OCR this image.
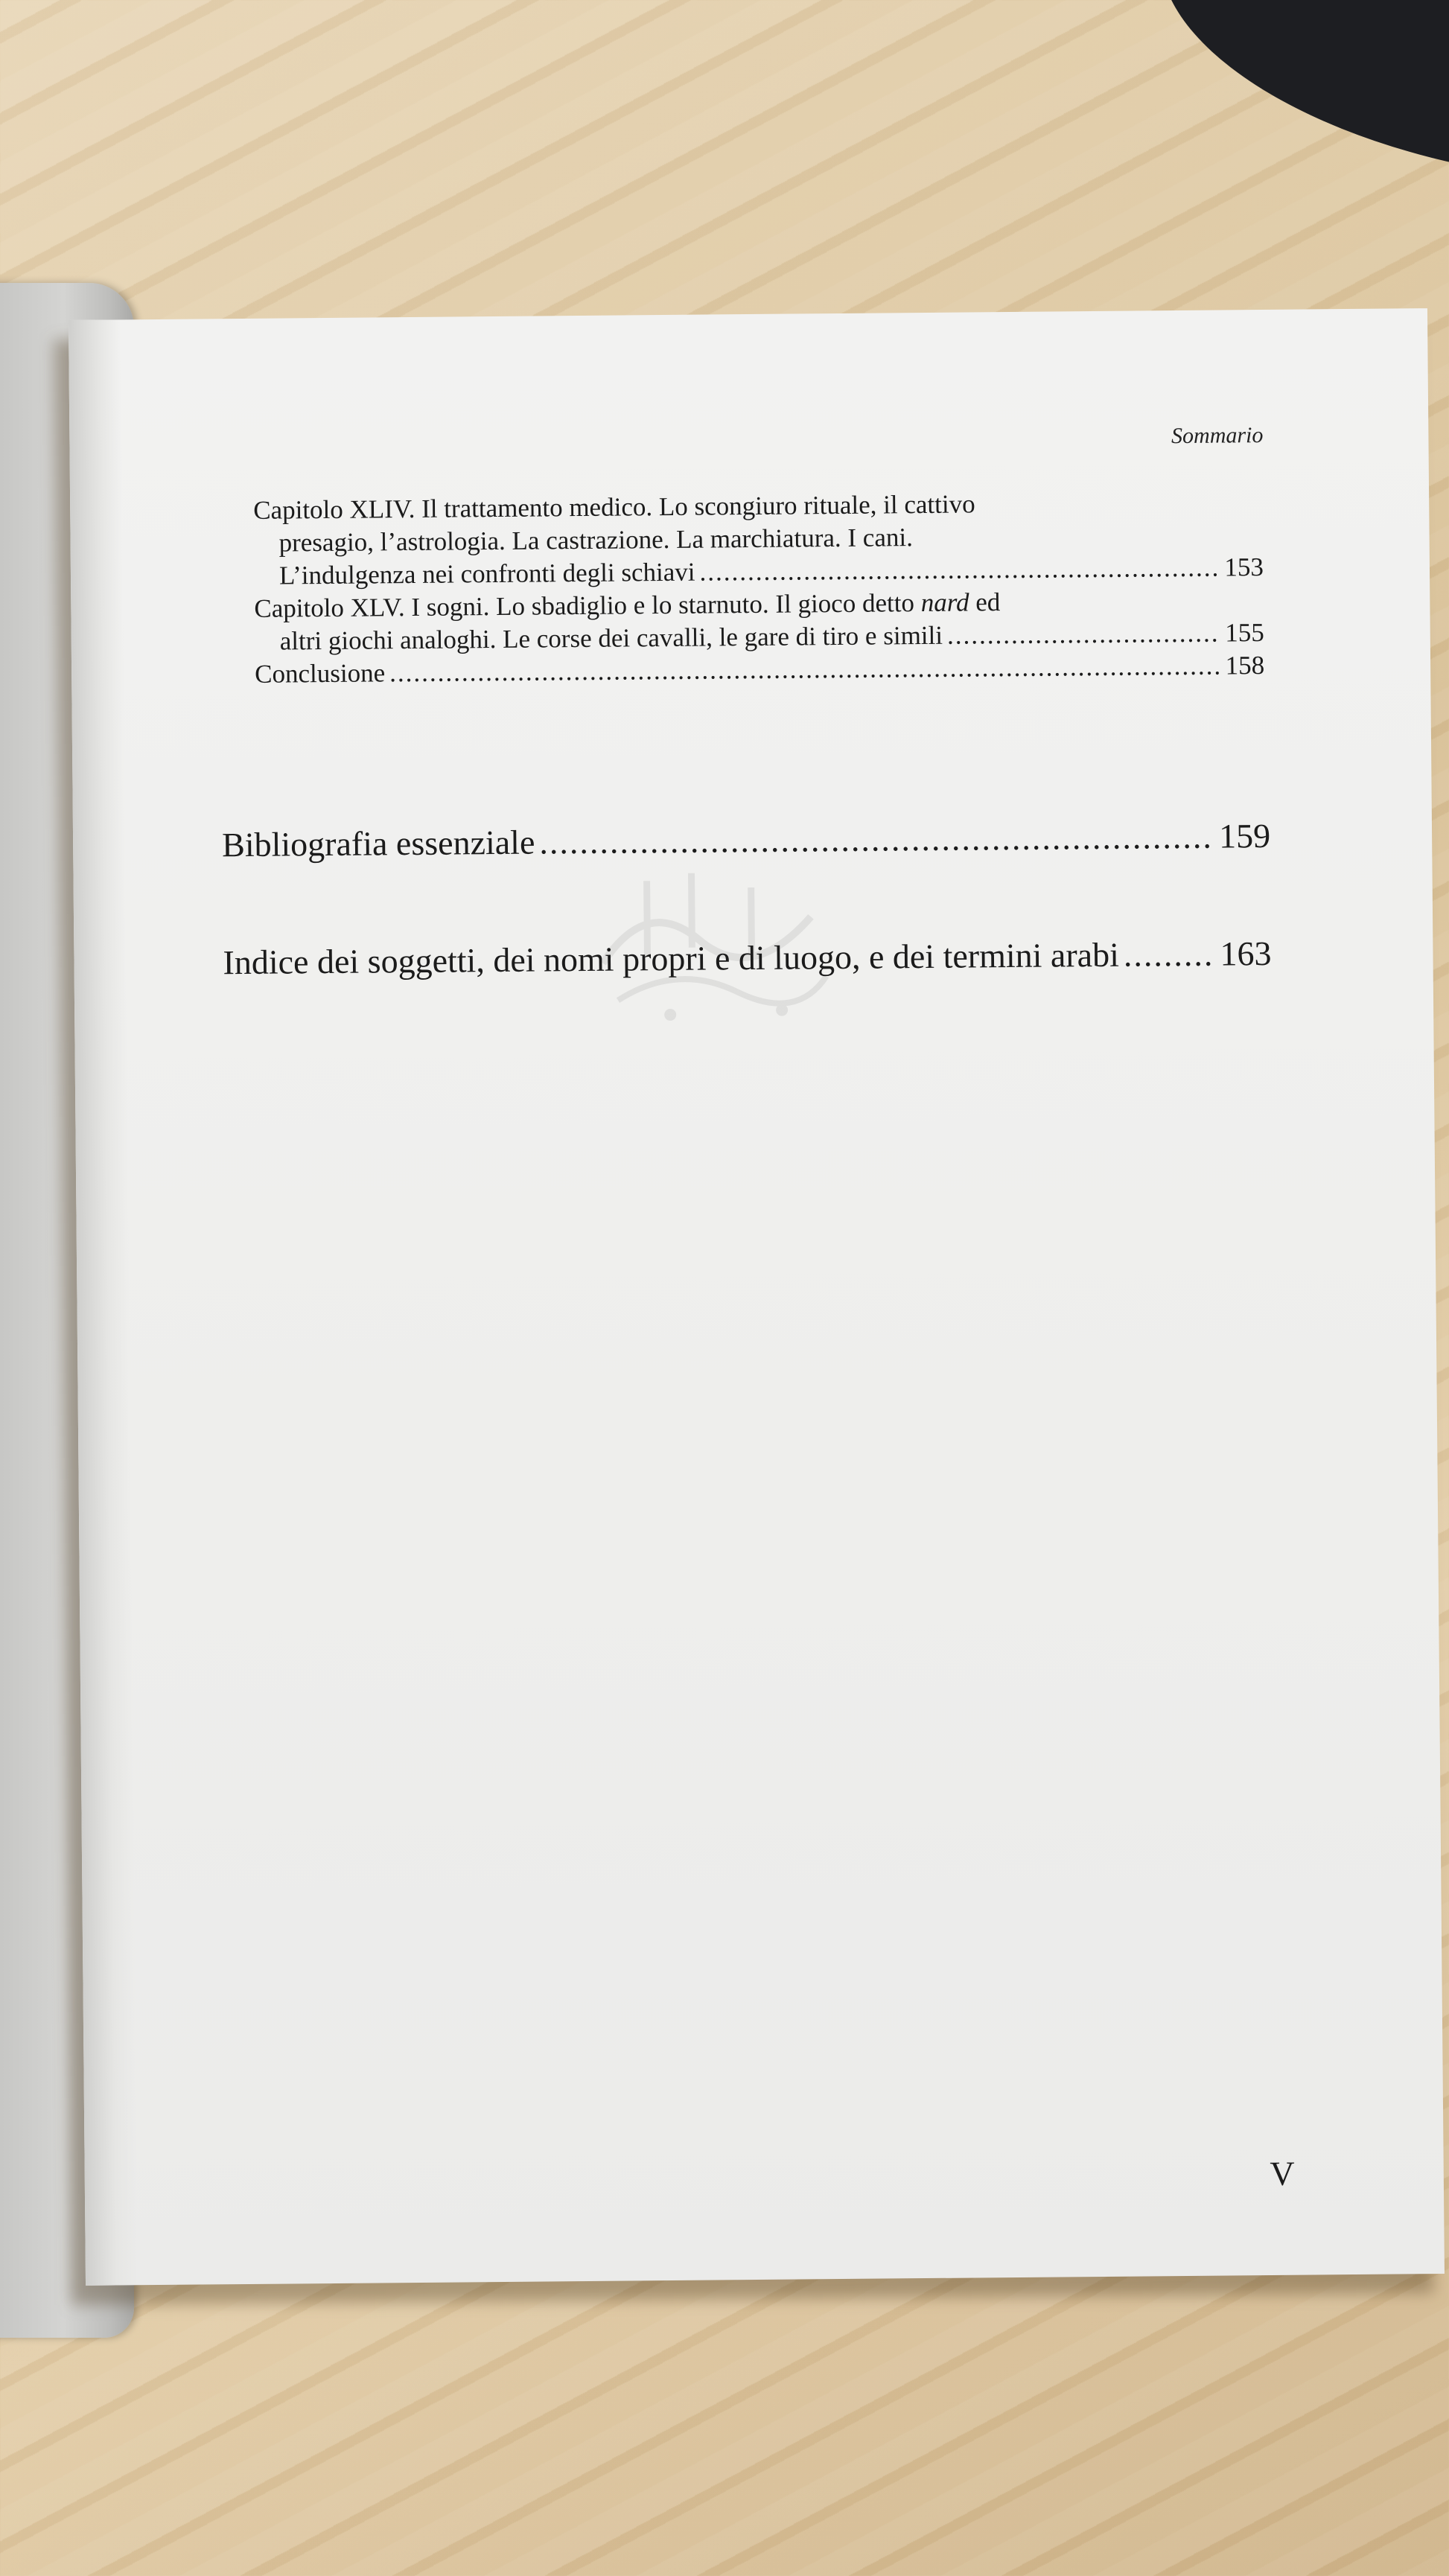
Sommario
Capitolo XLIV. Il trattamento medico. Lo scongiuro rituale, il cattivo
presagio, l’astrologia. La castrazione. La marchiatura. I cani.
L’indulgenza nei confronti degli schiavi .....	153
Capitolo XLV. I sogni. Lo sbadiglio e lo starnuto. Il gioco detto nard ed
altri giochi analoghi. Le corse dei cavalli, le gare di tiro e simili .....	155
Conclusione .....	158
Bibliografia essenziale .....	159
Indice dei soggetti, dei nomi propri e di luogo, e dei termini arabi .....	163
V
